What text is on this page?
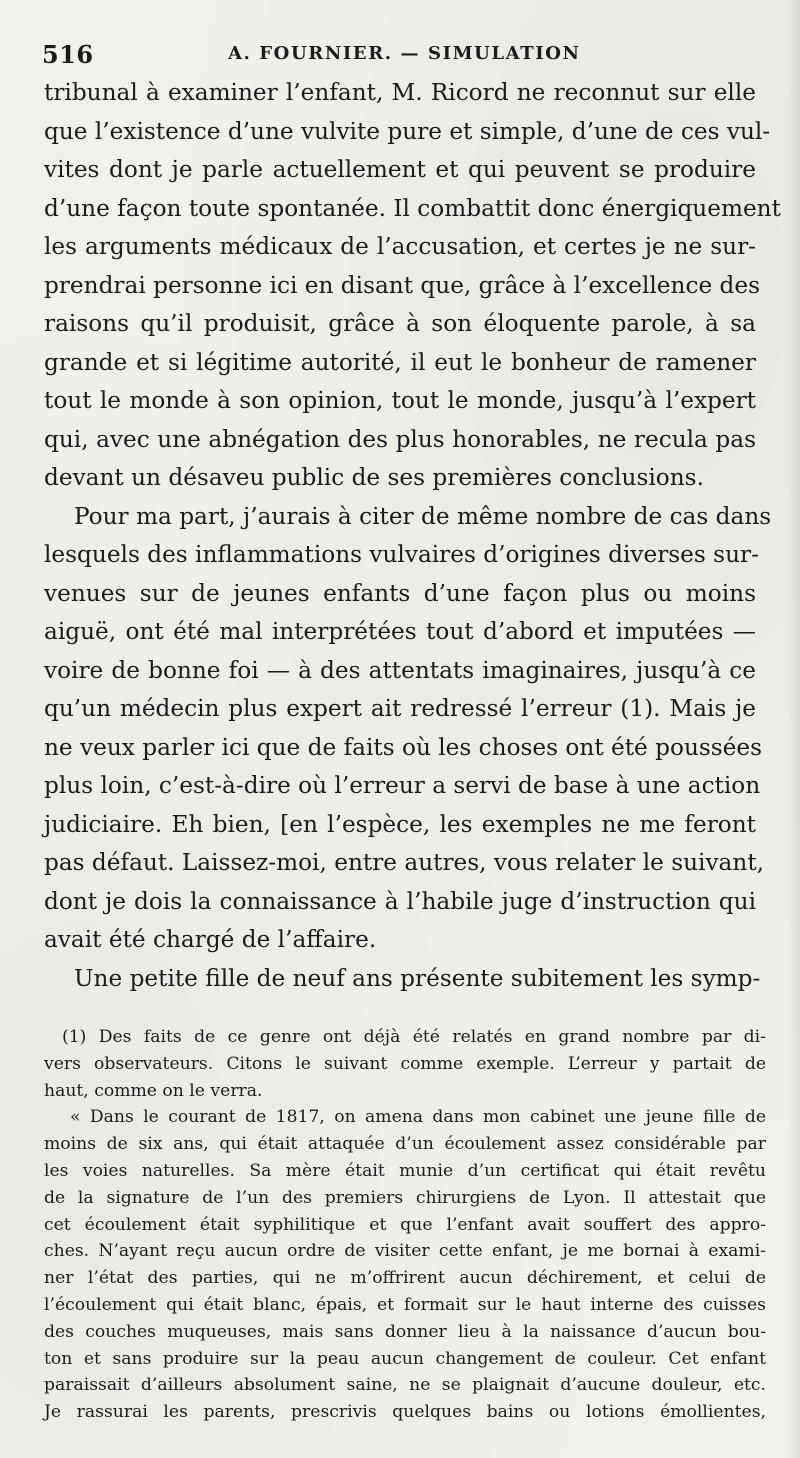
516	A. FOURNIER. — SIMULATION
tribunal à examiner l’enfant, M. Ricord ne reconnut sur elle
que l’existence d’une vulvite pure et simple, d’une de ces vul-
vites dont je parle actuellement et qui peuvent se produire
d’une façon toute spontanée. Il combattit donc énergiquement
les arguments médicaux de l’accusation, et certes je ne sur-
prendrai personne ici en disant que, grâce à l’excellence des
raisons qu’il produisit, grâce à son éloquente parole, à sa
grande et si légitime autorité, il eut le bonheur de ramener
tout le monde à son opinion, tout le monde, jusqu’à l’expert
qui, avec une abnégation des plus honorables, ne recula pas
devant un désaveu public de ses premières conclusions.
Pour ma part, j’aurais à citer de même nombre de cas dans
lesquels des inflammations vulvaires d’origines diverses sur-
venues sur de jeunes enfants d’une façon plus ou moins
aiguë, ont été mal interprétées tout d’abord et imputées —
voire de bonne foi — à des attentats imaginaires, jusqu’à ce
qu’un médecin plus expert ait redressé l’erreur (1). Mais je
ne veux parler ici que de faits où les choses ont été poussées
plus loin, c’est-à-dire où l’erreur a servi de base à une action
judiciaire. Eh bien, [en l’espèce, les exemples ne me feront
pas défaut. Laissez-moi, entre autres, vous relater le suivant,
dont je dois la connaissance à l’habile juge d’instruction qui
avait été chargé de l’affaire.
Une petite fille de neuf ans présente subitement les symp-
(1) Des faits de ce genre ont déjà été relatés en grand nombre par di-
vers observateurs. Citons le suivant comme exemple. L’erreur y partait de
haut, comme on le verra.
« Dans le courant de 1817, on amena dans mon cabinet une jeune fille de
moins de six ans, qui était attaquée d’un écoulement assez considérable par
les voies naturelles. Sa mère était munie d’un certificat qui était revêtu
de la signature de l’un des premiers chirurgiens de Lyon. Il attestait que
cet écoulement était syphilitique et que l’enfant avait souffert des appro-
ches. N’ayant reçu aucun ordre de visiter cette enfant, je me bornai à exami-
ner l’état des parties, qui ne m’offrirent aucun déchirement, et celui de
l’écoulement qui était blanc, épais, et formait sur le haut interne des cuisses
des couches muqueuses, mais sans donner lieu à la naissance d’aucun bou-
ton et sans produire sur la peau aucun changement de couleur. Cet enfant
paraissait d’ailleurs absolument saine, ne se plaignait d’aucune douleur, etc.
Je rassurai les parents, prescrivis quelques bains ou lotions émollientes,
